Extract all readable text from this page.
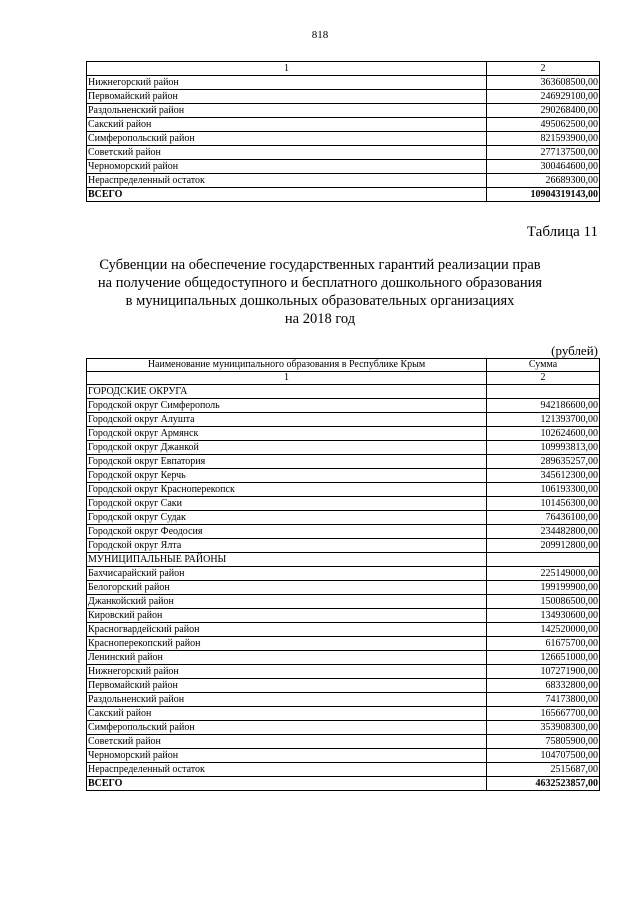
818
1	2
Нижнегорский район	363608500,00
Первомайский район	246929100,00
Раздольненский район	290268400,00
Сакский район	495062500,00
Симферопольский район	821593900,00
Советский район	277137500,00
Черноморский район	300464600,00
Нераспределенный остаток	26689300,00
ВСЕГО	10904319143,00
Таблица 11
Субвенции на обеспечение государственных гарантий реализации прав
на получение общедоступного и бесплатного дошкольного образования
в муниципальных дошкольных образовательных организациях
на 2018 год
(рублей)
Наименование муниципального образования в Республике Крым	Сумма
1	2
ГОРОДСКИЕ ОКРУГА	
Городской округ Симферополь	942186600,00
Городской округ Алушта	121393700,00
Городской округ Армянск	102624600,00
Городской округ Джанкой	109993813,00
Городской округ Евпатория	289635257,00
Городской округ Керчь	345612300,00
Городской округ Красноперекопск	106193300,00
Городской округ Саки	101456300,00
Городской округ Судак	76436100,00
Городской округ Феодосия	234482800,00
Городской округ Ялта	209912800,00
МУНИЦИПАЛЬНЫЕ РАЙОНЫ	
Бахчисарайский район	225149000,00
Белогорский район	199199900,00
Джанкойский район	150086500,00
Кировский район	134930600,00
Красногвардейский район	142520000,00
Красноперекопский район	61675700,00
Ленинский район	126651000,00
Нижнегорский район	107271900,00
Первомайский район	68332800,00
Раздольненский район	74173800,00
Сакский район	165667700,00
Симферопольский район	353908300,00
Советский район	75805900,00
Черноморский район	104707500,00
Нераспределенный остаток	2515687,00
ВСЕГО	4632523857,00
